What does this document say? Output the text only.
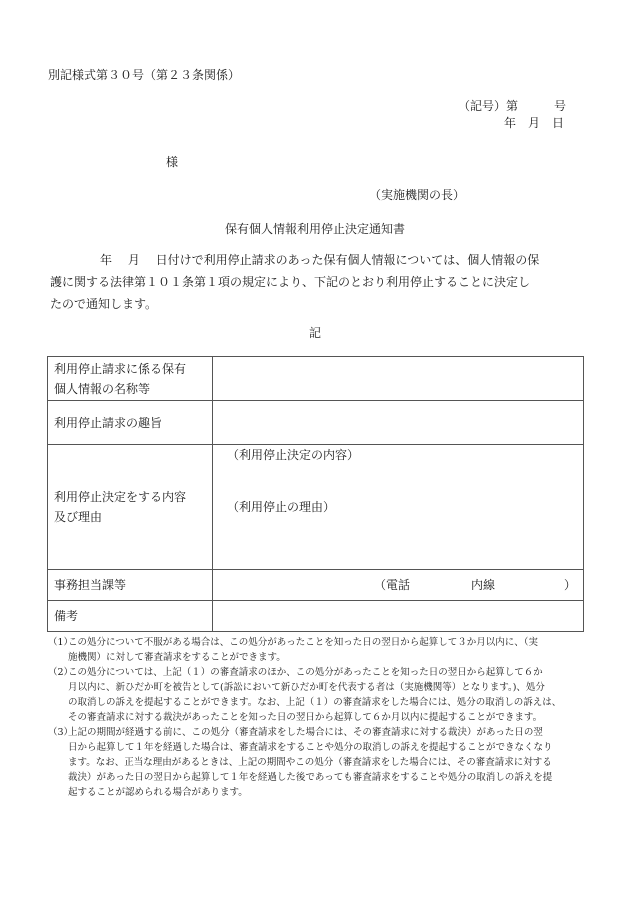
別記様式第３０号（第２３条関係）
（記号）第　　　号
年　月　日
様
（実施機関の長）
保有個人情報利用停止決定通知書

年　 月　 日付けで利用停止請求のあった保有個人情報については、個人情報の保
護に関する法律第１０１条第１項の規定により、下記のとおり利用停止することに決定し
たので通知します。

記
利用停止請求に係る保有
個人情報の名称等	

利用停止請求の趣旨	

利用停止決定をする内容
及び理由	（利用停止決定の内容）
（利用停止の理由）

事務担当課等	（電話 内線 ）

備考	
（1）
この処分について不服がある場合は、この処分があったことを知った日の翌日から起算して３か月以内に、（実
施機関）に対して審査請求をすることができます。
（2）
この処分については、上記（１）の審査請求のほか、この処分があったことを知った日の翌日から起算して６か
月以内に、新ひだか町を被告として(訴訟において新ひだか町を代表する者は（実施機関等）となります。)、処分
の取消しの訴えを提起することができます。なお、上記（１）の審査請求をした場合には、処分の取消しの訴えは、
その審査請求に対する裁決があったことを知った日の翌日から起算して６か月以内に提起することができます。
（3）
上記の期間が経過する前に、この処分（審査請求をした場合には、その審査請求に対する裁決）があった日の翌
日から起算して１年を経過した場合は、審査請求をすることや処分の取消しの訴えを提起することができなくなり
ます。なお、正当な理由があるときは、上記の期間やこの処分（審査請求をした場合には、その審査請求に対する
裁決）があった日の翌日から起算して１年を経過した後であっても審査請求をすることや処分の取消しの訴えを提
起することが認められる場合があります。
